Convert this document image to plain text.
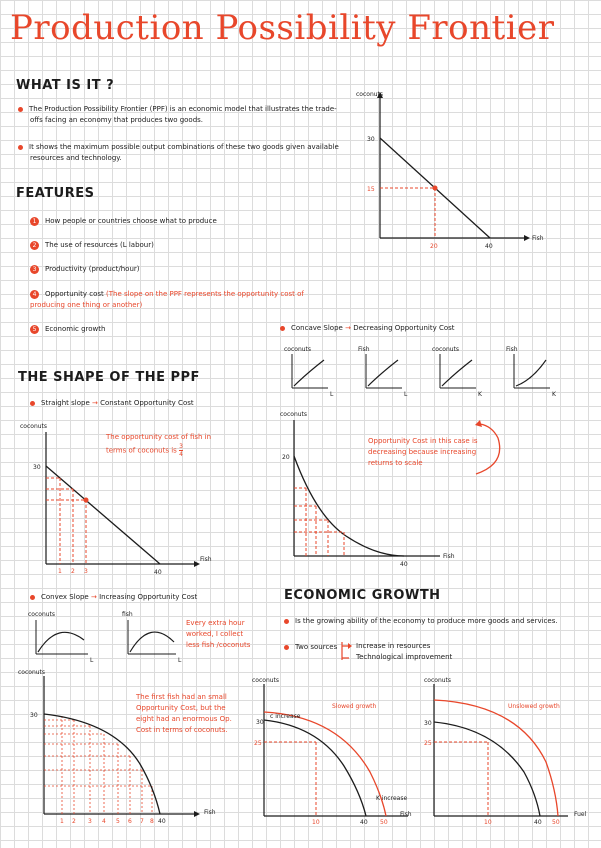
Production Possibility Frontier
WHAT IS IT ?
The Production Possibility Frontier (PPF) is an economic model that illustrates the trade-offs facing an economy that produces two goods.
It shows the maximum possible output combinations of these two goods given available resources and technology.
FEATURES
1 How people or countries choose what to produce
2 The use of resources (L labour)
3 Productivity (product/hour)
4 Opportunity cost (The slope on the PPF represents the opportunity cost of producing one thing or another)
5 Economic growth
coconuts
Fish
30
15
20	40
Concave Slope → Decreasing Opportunity Cost
coconuts
L
Fish
L
coconuts
K
Fish
K
coconuts
Fish
20
40
Opportunity Cost in this case is decreasing because increasing returns to scale
THE SHAPE OF THE PPF
Straight slope → Constant Opportunity Cost
coconuts
Fish
30
1 2 3	40
The opportunity cost of fish in terms of coconuts is $\frac{3}{4}$
Convex Slope → Increasing Opportunity Cost
coconuts
L
fish
L
Every extra hour worked, I collect less fish /coconuts
coconuts
Fish
30
1 2 3 4 5 6 7 8 40
The first fish had an small Opportunity Cost, but the eight had an enormous Op. Cost in terms of coconuts.
ECONOMIC GROWTH
Is the growing ability of the economy to produce more goods and services.
Two sources	Increase in resources
Technological improvement
coconuts
Fish
c increase
K increase
Slowed growth
30
25
10	40 50
coconuts
Fuel
Unslowed growth
30
25
10	40 50
